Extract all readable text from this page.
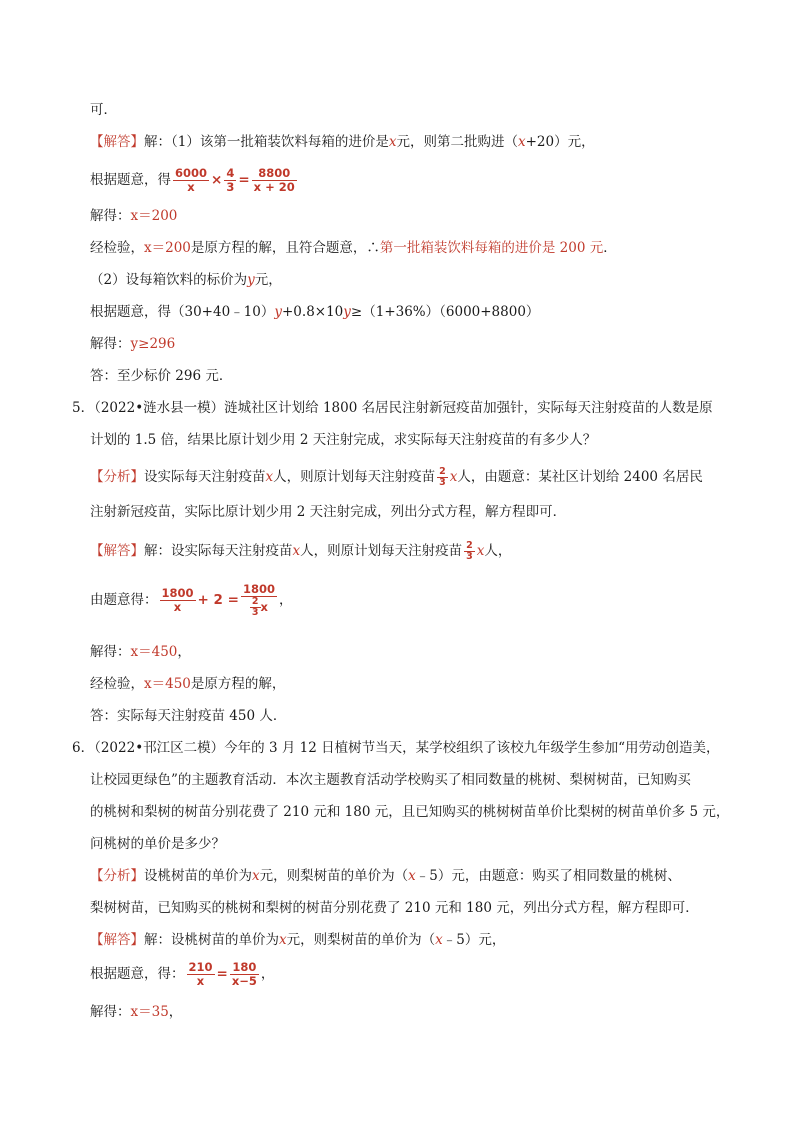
可．
【解答】解：（1）该第一批箱装饮料每箱的进价是x元，则第二批购进（x+20）元，
根据题意，得 $\frac{6000}{x} \times \frac{4}{3} = \frac{8800}{x + 20}$
解得：x＝200
经检验，x＝200是原方程的解，且符合题意，∴第一批箱装饮料每箱的进价是 200 元．
（2）设每箱饮料的标价为y元，
根据题意，得（30+40﹣10）y+0.8×10y≥（1+36%）（6000+8800）
解得：y≥296
答：至少标价 296 元．
5．（2022•涟水县一模）涟城社区计划给 1800 名居民注射新冠疫苗加强针，实际每天注射疫苗的人数是原
计划的 1.5 倍，结果比原计划少用 2 天注射完成，求实际每天注射疫苗的有多少人？
【分析】设实际每天注射疫苗x人，则原计划每天注射疫苗 $\frac{2}{3}$ x人，由题意：某社区计划给 2400 名居民
注射新冠疫苗，实际比原计划少用 2 天注射完成，列出分式方程，解方程即可．
【解答】解：设实际每天注射疫苗x人，则原计划每天注射疫苗 $\frac{2}{3}$ x人，
由题意得： $\frac{1800}{x} + 2 = \frac{1800}{\frac{2}{3} x}$ ，
解得：x＝450，
经检验，x＝450是原方程的解，
答：实际每天注射疫苗 450 人．
6．（2022•邗江区二模）今年的 3 月 12 日植树节当天，某学校组织了该校九年级学生参加“用劳动创造美，
让校园更绿色”的主题教育活动．本次主题教育活动学校购买了相同数量的桃树、梨树树苗，已知购买
的桃树和梨树的树苗分别花费了 210 元和 180 元，且已知购买的桃树树苗单价比梨树的树苗单价多 5 元，
问桃树的单价是多少？
【分析】设桃树苗的单价为x元，则梨树苗的单价为（x﹣5）元，由题意：购买了相同数量的桃树、
梨树树苗，已知购买的桃树和梨树的树苗分别花费了 210 元和 180 元，列出分式方程，解方程即可．
【解答】解：设桃树苗的单价为x元，则梨树苗的单价为（x﹣5）元，
根据题意，得： $\frac{210}{x} = \frac{180}{x-5}$ ，
解得：x＝35，
